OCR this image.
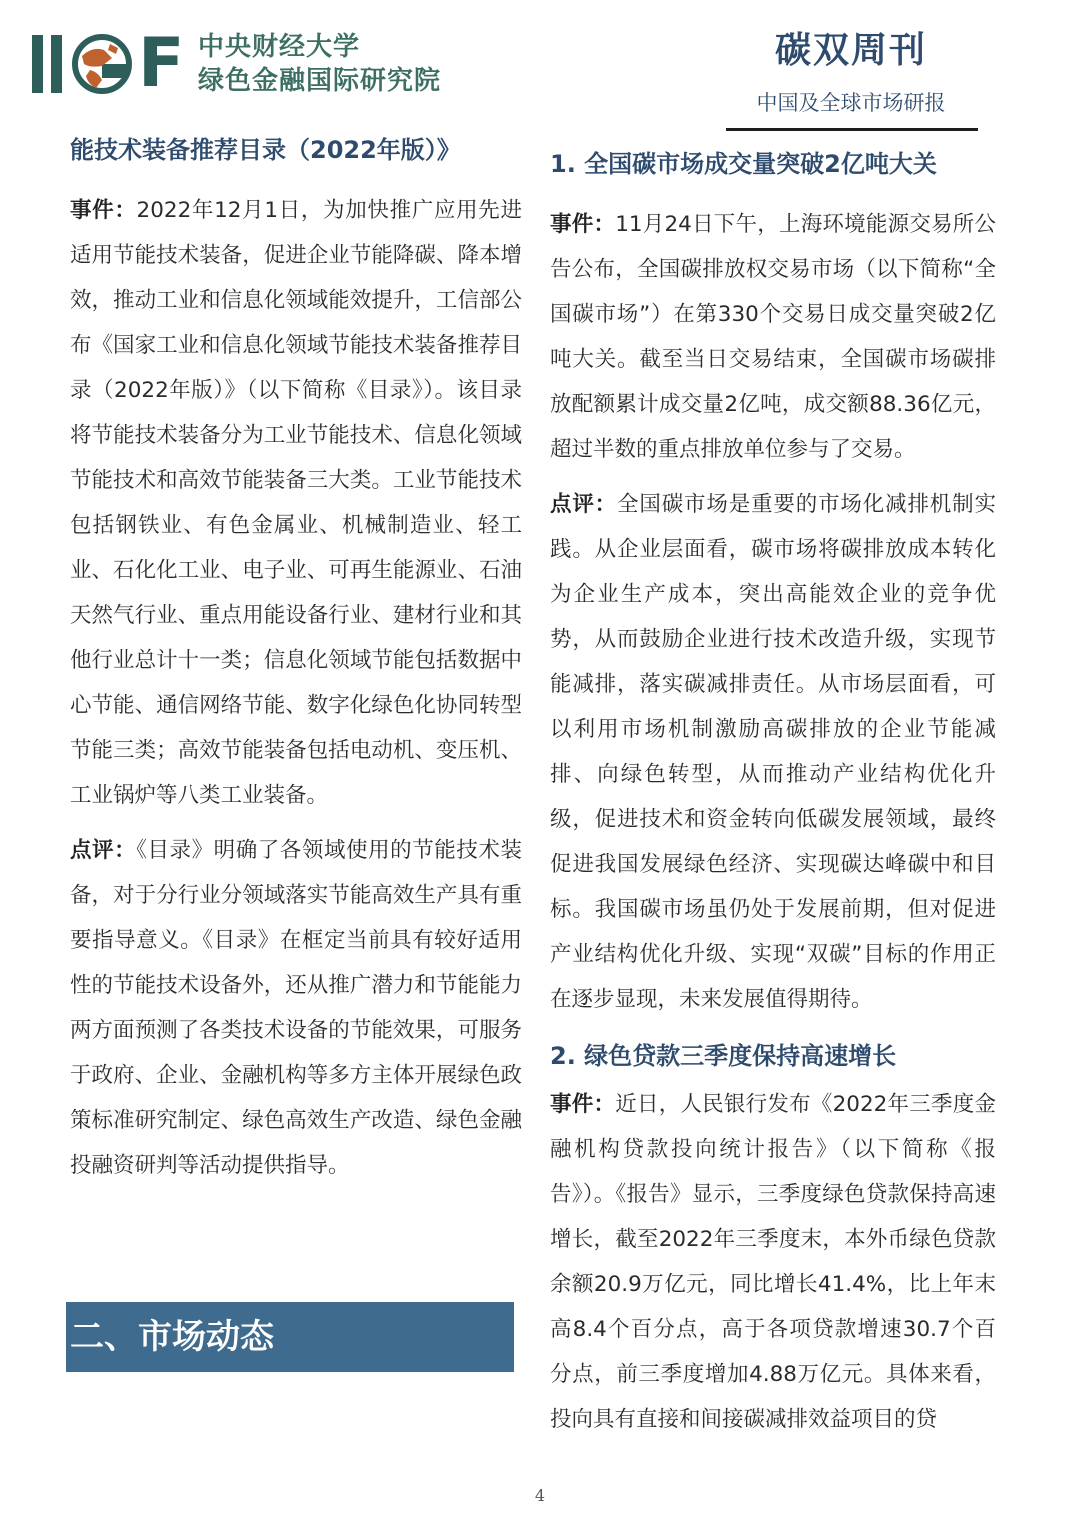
F 中央财经大学
绿色金融国际研究院
碳双周刊
中国及全球市场研报
能技术装备推荐目录（2022年版）》

事件：2022年12月1日，为加快推广应用先进适用节能技术装备，促进企业节能降碳、降本增效，推动工业和信息化领域能效提升，工信部公布《国家工业和信息化领域节能技术装备推荐目录（2022年版）》（以下简称《目录》）。该目录将节能技术装备分为工业节能技术、信息化领域节能技术和高效节能装备三大类。工业节能技术包括钢铁业、有色金属业、机械制造业、轻工业、石化化工业、电子业、可再生能源业、石油天然气行业、重点用能设备行业、建材行业和其他行业总计十一类；信息化领域节能包括数据中心节能、通信网络节能、数字化绿色化协同转型节能三类；高效节能装备包括电动机、变压机、工业锅炉等八类工业装备。

点评：《目录》明确了各领域使用的节能技术装备，对于分行业分领域落实节能高效生产具有重要指导意义。《目录》在框定当前具有较好适用性的节能技术设备外，还从推广潜力和节能能力两方面预测了各类技术设备的节能效果，可服务于政府、企业、金融机构等多方主体开展绿色政策标准研究制定、绿色高效生产改造、绿色金融投融资研判等活动提供指导。

二、市场动态
1. 全国碳市场成交量突破2亿吨大关

事件：11月24日下午，上海环境能源交易所公告公布，全国碳排放权交易市场（以下简称“全国碳市场”）在第330个交易日成交量突破2亿吨大关。截至当日交易结束，全国碳市场碳排放配额累计成交量2亿吨，成交额88.36亿元，超过半数的重点排放单位参与了交易。

点评：全国碳市场是重要的市场化减排机制实践。从企业层面看，碳市场将碳排放成本转化为企业生产成本，突出高能效企业的竞争优势，从而鼓励企业进行技术改造升级，实现节能减排，落实碳减排责任。从市场层面看，可以利用市场机制激励高碳排放的企业节能减排、向绿色转型，从而推动产业结构优化升级，促进技术和资金转向低碳发展领域，最终促进我国发展绿色经济、实现碳达峰碳中和目标。我国碳市场虽仍处于发展前期，但对促进产业结构优化升级、实现“双碳”目标的作用正在逐步显现，未来发展值得期待。

2. 绿色贷款三季度保持高速增长

事件：近日，人民银行发布《2022年三季度金融机构贷款投向统计报告》（以下简称《报告》）。《报告》显示，三季度绿色贷款保持高速增长，截至2022年三季度末，本外币绿色贷款余额20.9万亿元，同比增长41.4%，比上年末高8.4个百分点，高于各项贷款增速30.7个百分点，前三季度增加4.88万亿元。具体来看，投向具有直接和间接碳减排效益项目的贷

4
